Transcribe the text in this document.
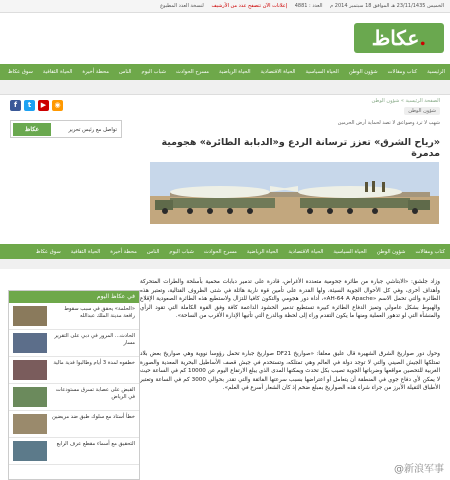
الخميس 23/11/1435 هـ الموافق 18 سبتمبر 2014 م العدد : 4881 إعلانات الآن تتصفح عدد من الأرشيف لنسخة العدد المطبوع
عكاظ.
الرئيسية
كتاب ومقالات
شؤون الوطن
الحياة السياسية
الحياة الاقتصادية
الحياة الرياضية
مسرح الحوادث
شباب اليوم
الناس
محطة أخيرة
الحياة الثقافية
سوق عكاظ
الصفحة الرئيسية » شؤون الوطن
f	t	▶	◉
تواصل مع رئيس تحرير
عكاظ
شؤون الوطن
شهب لا ترد وصواعق لا تصد لحماية أرض الحرمين
«رياح الشرق» تعزز ترسانة الردع و«الدبابة الطائرة» هجومية مدمرة
كتاب ومقالات
شؤون الوطن
الحياة السياسية
الحياة الاقتصادية
الحياة الرياضية
مسرح الحوادث
شباب اليوم
الناس
محطة أخيرة
الحياة الثقافية
سوق عكاظ
وزاد جلشق: «الابتاشي جبارة من طائرة جحومية متعددة الأغراض، قادرة على تدمير دبابات محمية بأسلحة والطرات المتحركة وأهداف أخرى، وفي كل الأحوال الجوية السيئة، ولها القدرة على تأمين قوة نارية هائلة في شتى الظروف القتالية، وتعتبر هذه الطائرة والتي تحمل الاسم «AH-64 A Apache»، أداة دور هجومي والتكون كافيا للتزال ولاستطيع هذه الطائرة الصعودية الإقلاع والهبوط بشكل عامولي وتميز الدفاع الطائرة كبيرة تستطيع تدمير الحشود الداعمة كافة وفق القوة الكاملة التي تقود الرأي والمنشأة التي لو تدهور العملية ومنها ما يكون التقدم وراء إلى لحظة وبالدرع التي تأتيها الإدارة الأقرب من الساحة».
وحول دور صواريخ الشرق الشهيرة قال عليق معلقا: «صواريخ DF21 صواريخ جبارة تحمل رؤوسا نووية وهي صواريخ بعض بلاد تمتلكها الجيش الصيني والتي لا توجد دولة في العالم وهي تمتلكه، وتستخدم في جيش قصف الأساطيل البحرية المعدية والصورة الغربية للتحصين مواقعها وضرباتها الجوية تصيب بكل تحدث ويمكنها المدى الذي يبلغ الارتفاع اليوم عن 10000 كم في الساعة حيث لا يمكن لأي دفاع جوي في المنطقة أن يتعامل أو اعتراضها بسبب سرعتها الفائقة والتي تقدر بحوالي 3000 كم في الساعة وتعتبر الأطباق الثقيلة الأبرز من جراء شراء هذه الصواريخ بمبلغ ضخم إذ كان الشعار أسرع في العلم».
في عكاظ اليوم
«الحلمة» يحقق في سبب سقوط رافعة مدينة الملك عبدالله
الحادث... المرور في دبي على التقرير مسار
خطفوه لمدة 3 أيام وطالبوا فدية مالية
القبض على عصابة تسرق مستودعات في الرياض
خطأ أستاذ مع سلوك طبق ضد مريضين
التحقيق مع أسماء مقطع عرف الرابع
@新浪军事
